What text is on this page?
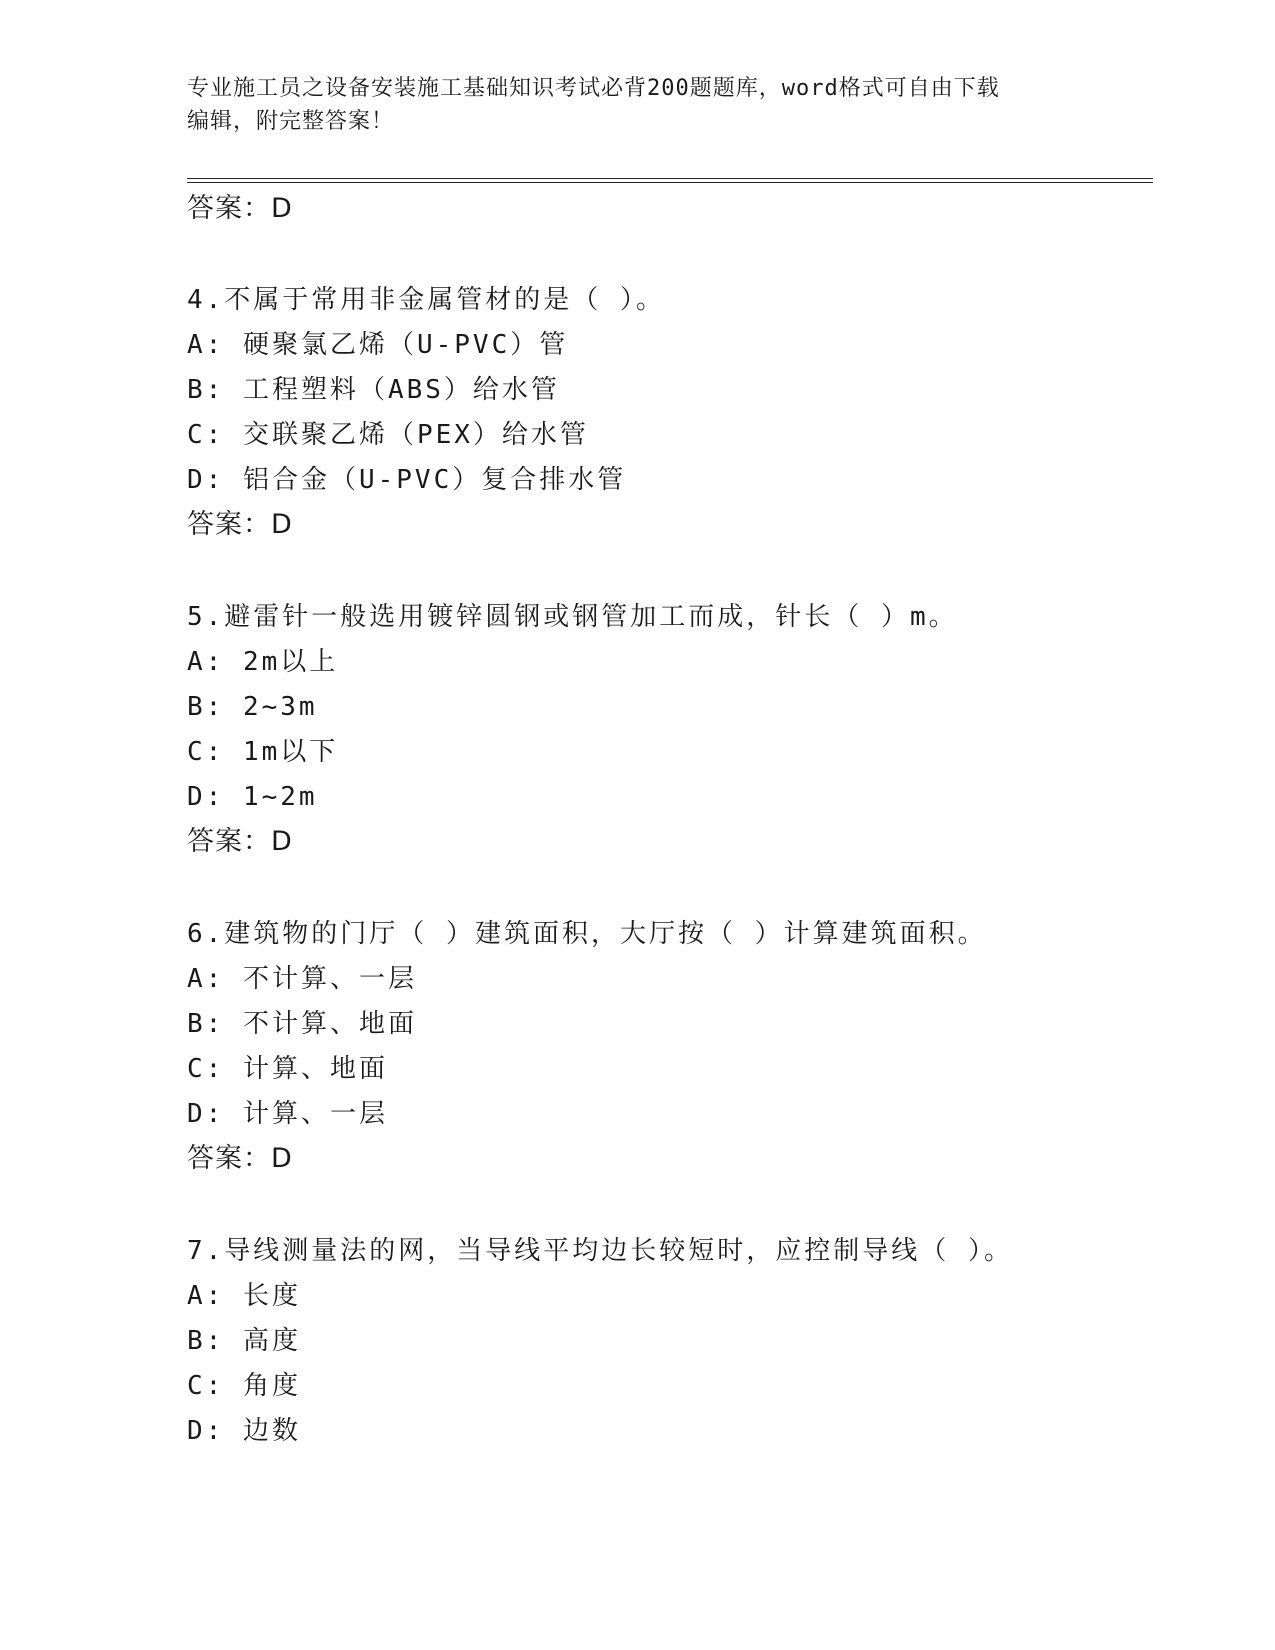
专业施工员之设备安装施工基础知识考试必背200题题库，word格式可自由下载
编辑，附完整答案！
答案：D
4.不属于常用非金属管材的是（ ）。
A: 硬聚氯乙烯（U-PVC）管
B: 工程塑料（ABS）给水管
C: 交联聚乙烯（PEX）给水管
D: 铝合金（U-PVC）复合排水管
答案：D
5.避雷针一般选用镀锌圆钢或钢管加工而成，针长（ ）m。
A: 2m以上
B: 2~3m
C: 1m以下
D: 1~2m
答案：D
6.建筑物的门厅（ ）建筑面积，大厅按（ ）计算建筑面积。
A: 不计算、一层
B: 不计算、地面
C: 计算、地面
D: 计算、一层
答案：D
7.导线测量法的网，当导线平均边长较短时，应控制导线（ ）。
A: 长度
B: 高度
C: 角度
D: 边数
